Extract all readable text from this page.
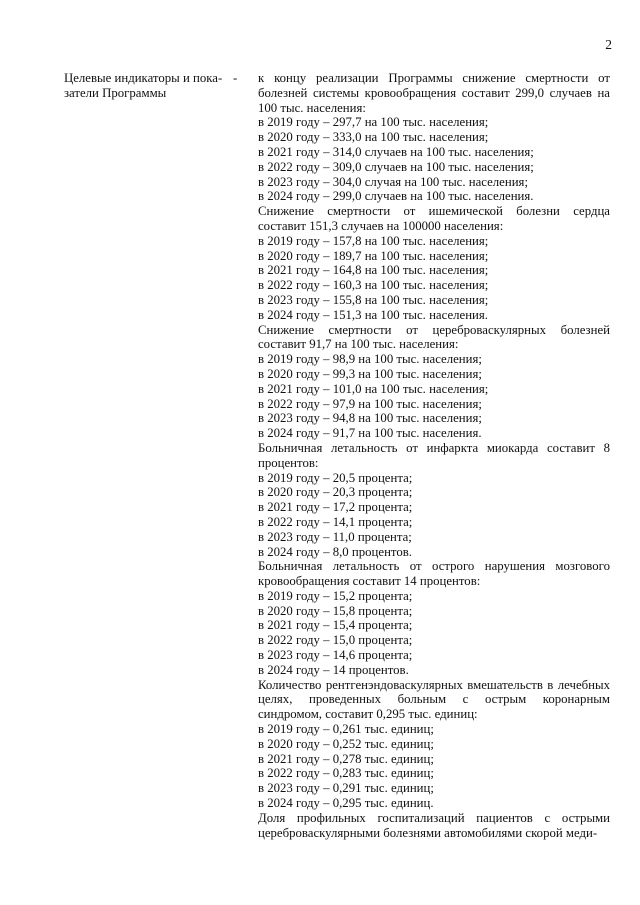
2
Целевые индикаторы и пока-затели Программы
- к концу реализации Программы снижение смертности от болезней системы кровообращения составит 299,0 случаев на 100 тыс. населения:
в 2019 году – 297,7 на 100 тыс. населения;
в 2020 году – 333,0 на 100 тыс. населения;
в 2021 году – 314,0 случаев на 100 тыс. населения;
в 2022 году – 309,0 случаев на 100 тыс. населения;
в 2023 году – 304,0 случая на 100 тыс. населения;
в 2024 году – 299,0 случаев на 100 тыс. населения.
Снижение смертности от ишемической болезни сердца составит 151,3 случаев на 100000 населения:
в 2019 году – 157,8 на 100 тыс. населения;
в 2020 году – 189,7 на 100 тыс. населения;
в 2021 году – 164,8 на 100 тыс. населения;
в 2022 году – 160,3 на 100 тыс. населения;
в 2023 году – 155,8 на 100 тыс. населения;
в 2024 году – 151,3 на 100 тыс. населения.
Снижение смертности от цереброваскулярных болезней составит 91,7 на 100 тыс. населения:
в 2019 году – 98,9 на 100 тыс. населения;
в 2020 году – 99,3 на 100 тыс. населения;
в 2021 году – 101,0 на 100 тыс. населения;
в 2022 году – 97,9 на 100 тыс. населения;
в 2023 году – 94,8 на 100 тыс. населения;
в 2024 году – 91,7 на 100 тыс. населения.
Больничная летальность от инфаркта миокарда составит 8 процентов:
в 2019 году – 20,5 процента;
в 2020 году – 20,3 процента;
в 2021 году – 17,2 процента;
в 2022 году – 14,1 процента;
в 2023 году – 11,0 процента;
в 2024 году – 8,0 процентов.
Больничная летальность от острого нарушения мозгового кровообращения составит 14 процентов:
в 2019 году – 15,2 процента;
в 2020 году – 15,8 процента;
в 2021 году – 15,4 процента;
в 2022 году – 15,0 процента;
в 2023 году – 14,6 процента;
в 2024 году – 14 процентов.
Количество рентгенэндоваскулярных вмешательств в лечебных целях, проведенных больным с острым коронарным синдромом, составит 0,295 тыс. единиц:
в 2019 году – 0,261 тыс. единиц;
в 2020 году – 0,252 тыс. единиц;
в 2021 году – 0,278 тыс. единиц;
в 2022 году – 0,283 тыс. единиц;
в 2023 году – 0,291 тыс. единиц;
в 2024 году – 0,295 тыс. единиц.
Доля профильных госпитализаций пациентов с острыми цереброваскулярными болезнями автомобилями скорой меди-
